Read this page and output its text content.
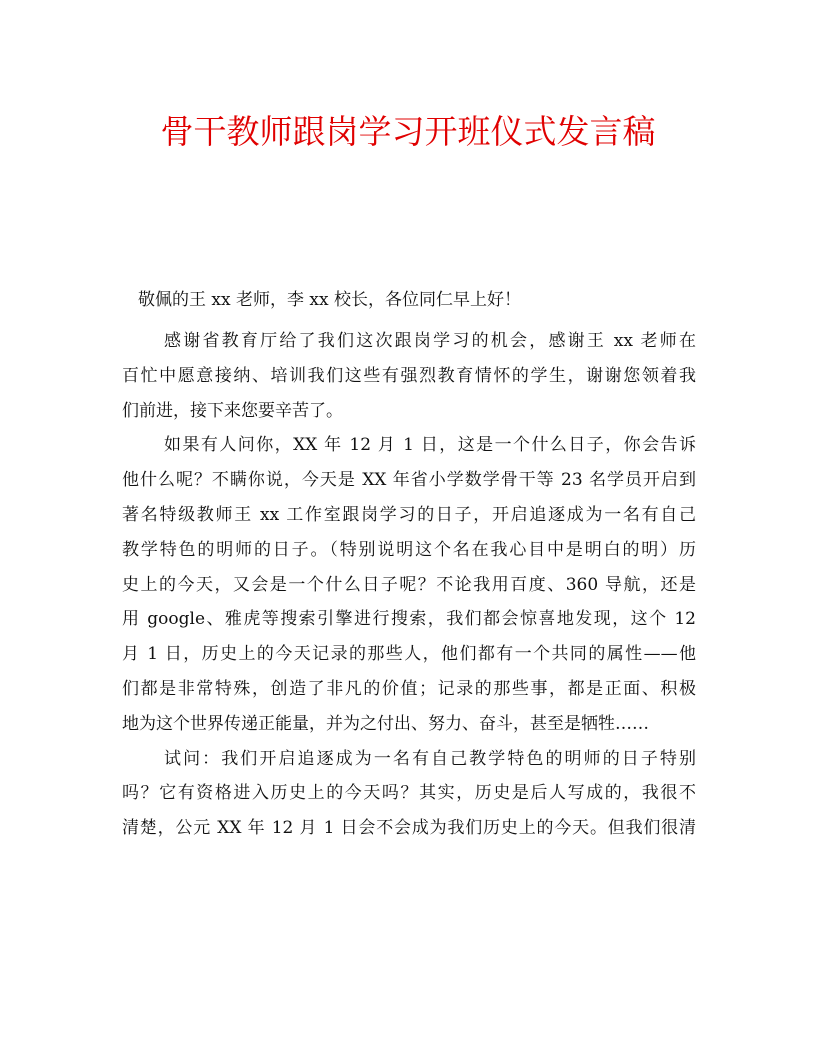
骨干教师跟岗学习开班仪式发言稿

敬佩的王 xx 老师，李 xx 校长，各位同仁早上好！

感谢省教育厅给了我们这次跟岗学习的机会，感谢王 xx 老师在
百忙中愿意接纳、培训我们这些有强烈教育情怀的学生，谢谢您领着我
们前进，接下来您要辛苦了。
如果有人问你，XX 年 12 月 1 日，这是一个什么日子，你会告诉
他什么呢？不瞒你说，今天是 XX 年省小学数学骨干等 23 名学员开启到
著名特级教师王 xx 工作室跟岗学习的日子，开启追逐成为一名有自己
教学特色的明师的日子。（特别说明这个名在我心目中是明白的明）历
史上的今天，又会是一个什么日子呢？不论我用百度、360 导航，还是
用 google、雅虎等搜索引擎进行搜索，我们都会惊喜地发现，这个 12
月 1 日，历史上的今天记录的那些人，他们都有一个共同的属性——他
们都是非常特殊，创造了非凡的价值；记录的那些事，都是正面、积极
地为这个世界传递正能量，并为之付出、努力、奋斗，甚至是牺牲……
试问：我们开启追逐成为一名有自己教学特色的明师的日子特别
吗？它有资格进入历史上的今天吗？其实，历史是后人写成的，我很不
清楚，公元 XX 年 12 月 1 日会不会成为我们历史上的今天。但我们很清
